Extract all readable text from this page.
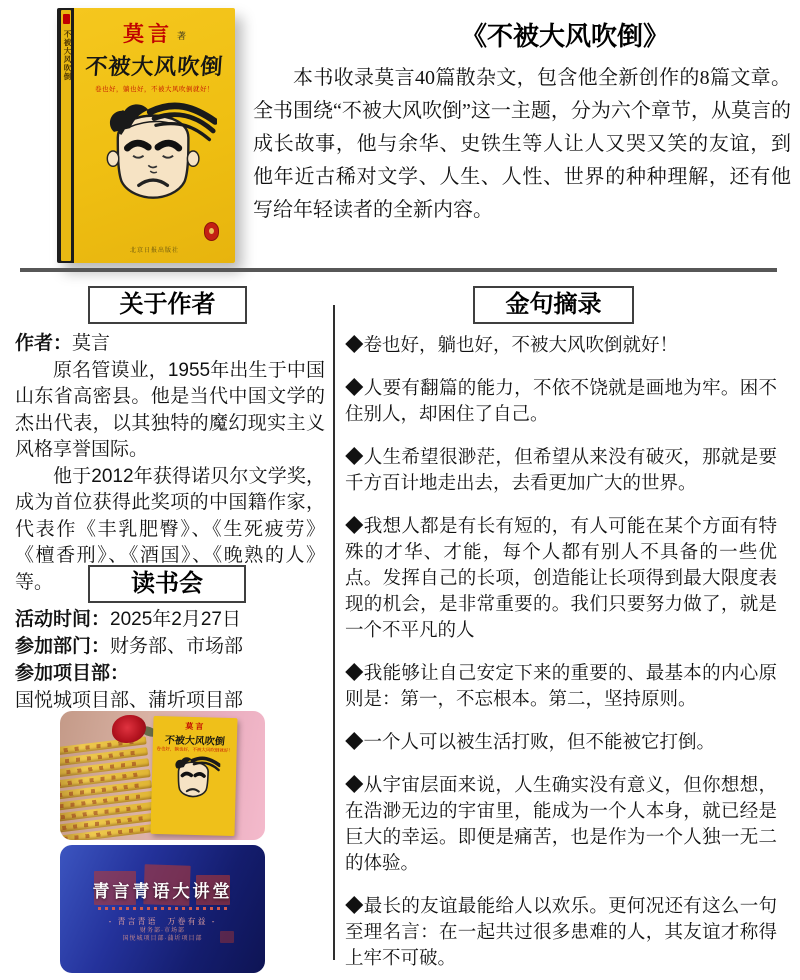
不被大风吹倒	莫言 著
不被大风吹倒
卷也好，躺也好，不被大风吹倒就好！
北京日报出版社
《不被大风吹倒》

本书收录莫言40篇散杂文，包含他全新创作的8篇文章。全书围绕“不被大风吹倒”这一主题，分为六个章节，从莫言的成长故事，他与余华、史铁生等人让人又哭又笑的友谊，到他年近古稀对文学、人生、人性、世界的种种理解，还有他写给年轻读者的全新内容。

关于作者	金句摘录
读书会

作者：莫言

原名管谟业，1955年出生于中国山东省高密县。他是当代中国文学的杰出代表，以其独特的魔幻现实主义风格享誉国际。

他于2012年获得诺贝尔文学奖，成为首位获得此奖项的中国籍作家，代表作《丰乳肥臀》、《生死疲劳》《檀香刑》、《酒国》、《晚熟的人》等。

活动时间：2025年2月27日

参加部门：财务部、市场部

参加项目部：

国悦城项目部、蒲圻项目部

莫言
不被大风吹倒
卷也好，躺也好，不被大风吹倒就好！
青言青语大讲堂
- 青言青语　万卷有益 -
财务部·市场部
国悦城项目部·蒲圻项目部

◆卷也好，躺也好，不被大风吹倒就好！

◆人要有翻篇的能力，不依不饶就是画地为牢。困不住别人，却困住了自己。

◆人生希望很渺茫，但希望从来没有破灭，那就是要千方百计地走出去，去看更加广大的世界。

◆我想人都是有长有短的，有人可能在某个方面有特殊的才华、才能，每个人都有别人不具备的一些优点。发挥自己的长项，创造能让长项得到最大限度表现的机会，是非常重要的。我们只要努力做了，就是一个不平凡的人

◆我能够让自己安定下来的重要的、最基本的内心原则是：第一，不忘根本。第二，坚持原则。

◆一个人可以被生活打败，但不能被它打倒。

◆从宇宙层面来说，人生确实没有意义，但你想想，在浩渺无边的宇宙里，能成为一个人本身，就已经是巨大的幸运。即便是痛苦，也是作为一个人独一无二的体验。

◆最长的友谊最能给人以欢乐。更何况还有这么一句至理名言：在一起共过很多患难的人，其友谊才称得上牢不可破。
